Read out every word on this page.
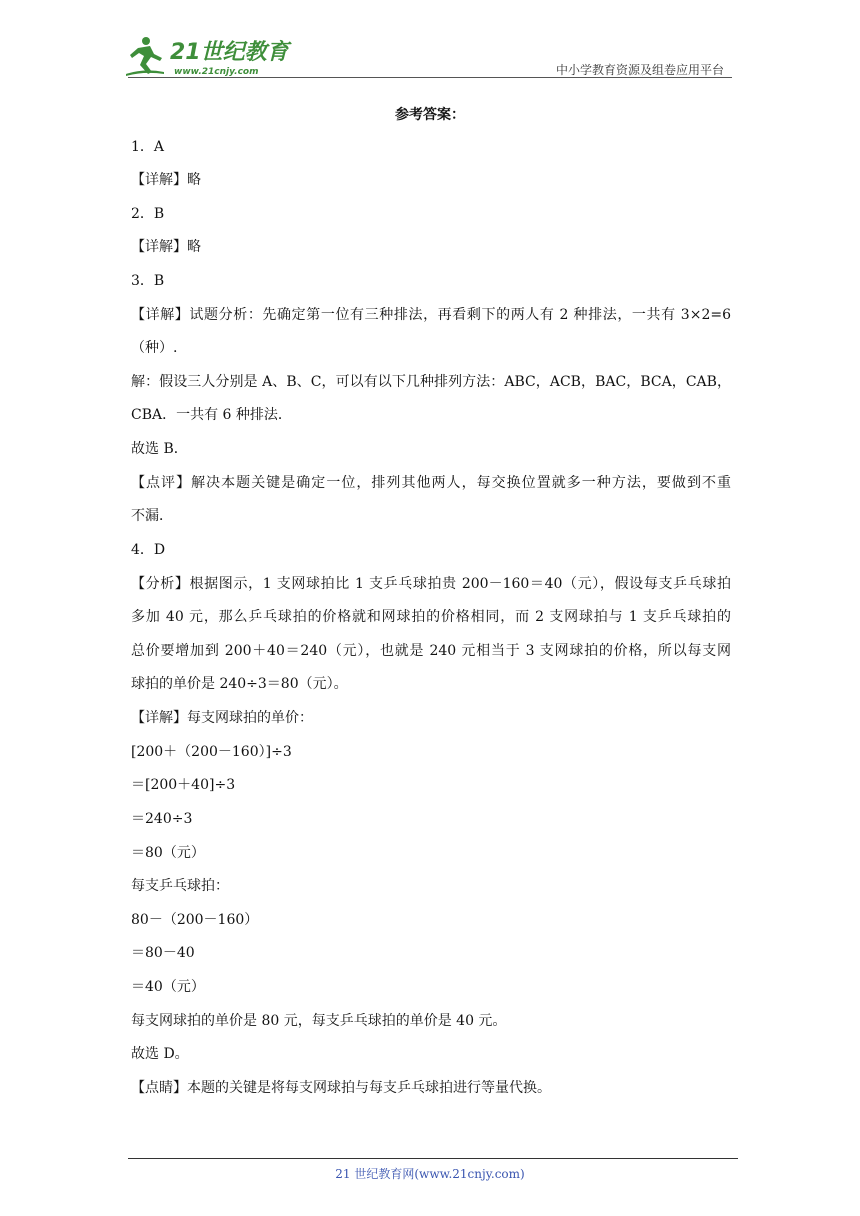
21世纪教育
www.21cnjy.com	中小学教育资源及组卷应用平台
参考答案：
1．A
【详解】略
2．B
【详解】略
3．B
【详解】试题分析：先确定第一位有三种排法，再看剩下的两人有 2 种排法，一共有 3×2=6
（种）.
解：假设三人分别是 A、B、C，可以有以下几种排列方法：ABC，ACB，BAC，BCA，CAB，
CBA．一共有 6 种排法．
故选 B．
【点评】解决本题关键是确定一位，排列其他两人，每交换位置就多一种方法，要做到不重
不漏．
4．D
【分析】根据图示，1 支网球拍比 1 支乒乓球拍贵 200－160＝40（元），假设每支乒乓球拍
多加 40 元，那么乒乓球拍的价格就和网球拍的价格相同，而 2 支网球拍与 1 支乒乓球拍的
总价要增加到 200＋40＝240（元），也就是 240 元相当于 3 支网球拍的价格，所以每支网
球拍的单价是 240÷3＝80（元）。
【详解】每支网球拍的单价：
[200＋（200－160）]÷3
＝[200＋40]÷3
＝240÷3
＝80（元）
每支乒乓球拍：
80－（200－160）
＝80－40
＝40（元）
每支网球拍的单价是 80 元，每支乒乓球拍的单价是 40 元。
故选 D。
【点睛】本题的关键是将每支网球拍与每支乒乓球拍进行等量代换。
21 世纪教育网(www.21cnjy.com)
